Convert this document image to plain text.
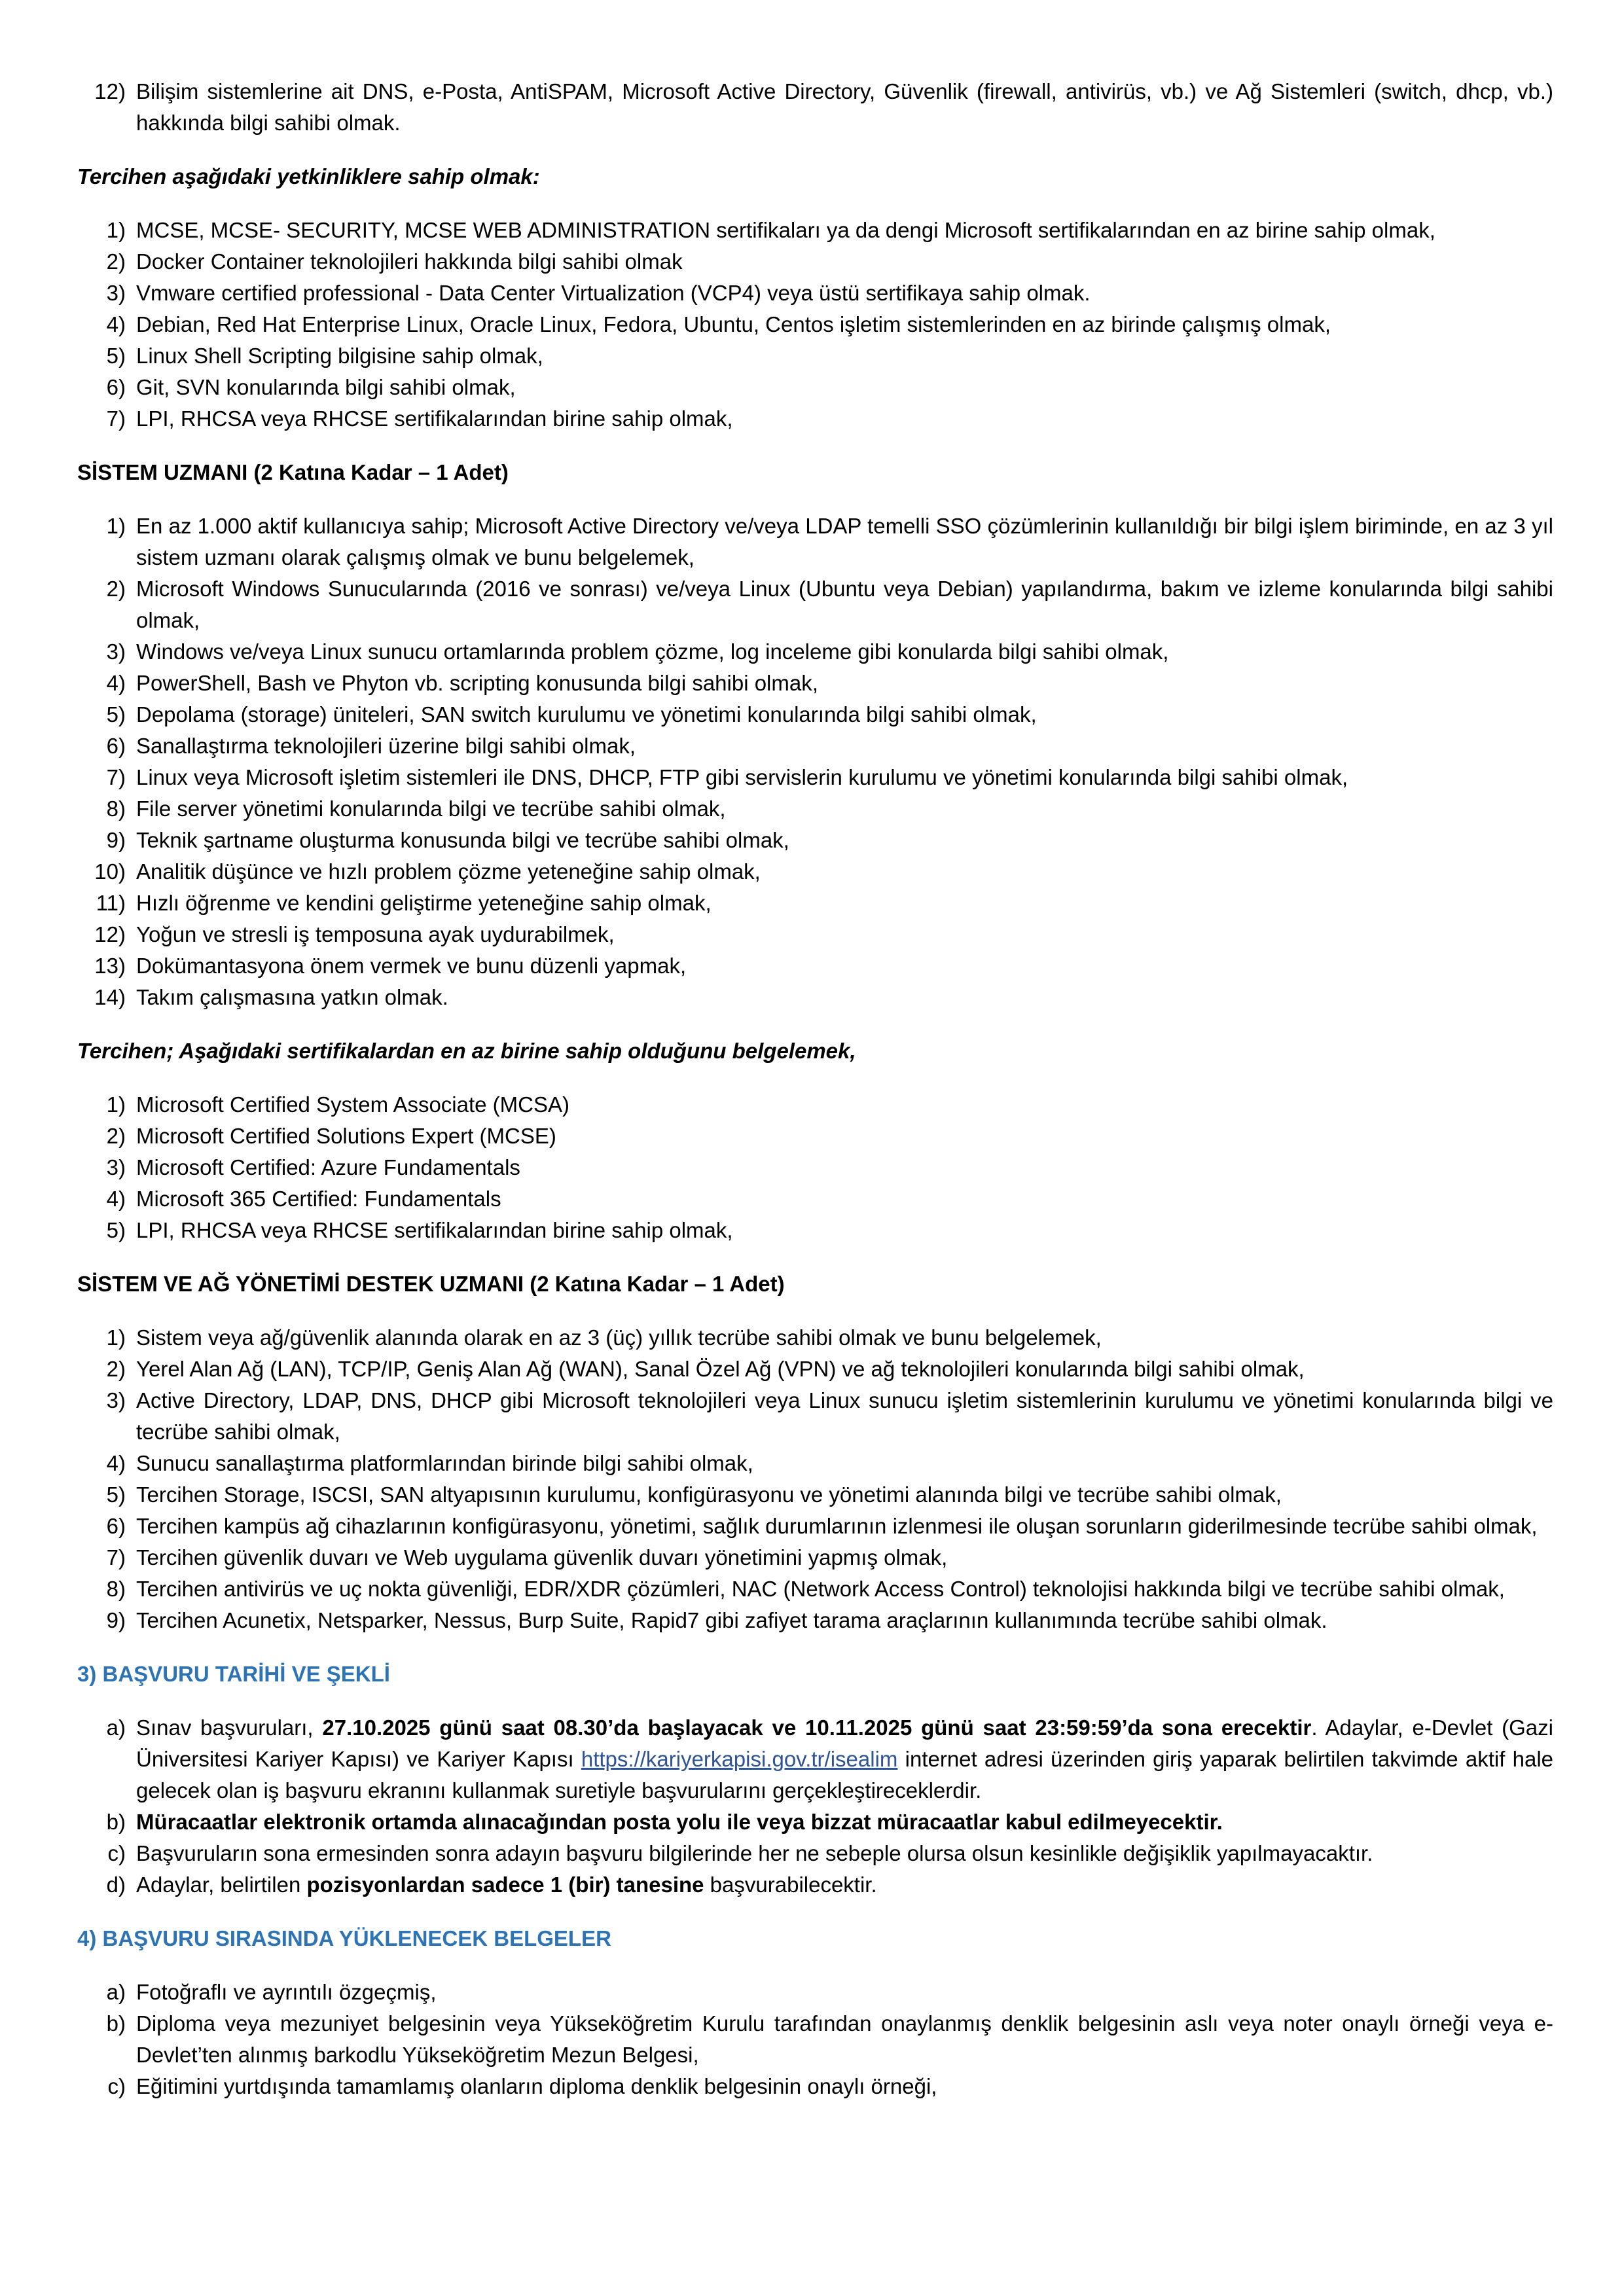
12) Bilişim sistemlerine ait DNS, e-Posta, AntiSPAM, Microsoft Active Directory, Güvenlik (firewall, antivirüs, vb.) ve Ağ Sistemleri (switch, dhcp, vb.) hakkında bilgi sahibi olmak.
Tercihen aşağıdaki yetkinliklere sahip olmak:
1) MCSE, MCSE- SECURITY, MCSE WEB ADMINISTRATION sertifikaları ya da dengi Microsoft sertifikalarından en az birine sahip olmak,
2) Docker Container teknolojileri hakkında bilgi sahibi olmak
3) Vmware certified professional - Data Center Virtualization (VCP4) veya üstü sertifikaya sahip olmak.
4) Debian, Red Hat Enterprise Linux, Oracle Linux, Fedora, Ubuntu, Centos işletim sistemlerinden en az birinde çalışmış olmak,
5) Linux Shell Scripting bilgisine sahip olmak,
6) Git, SVN konularında bilgi sahibi olmak,
7) LPI, RHCSA veya RHCSE sertifikalarından birine sahip olmak,
SİSTEM UZMANI (2 Katına Kadar – 1 Adet)
1) En az 1.000 aktif kullanıcıya sahip; Microsoft Active Directory ve/veya LDAP temelli SSO çözümlerinin kullanıldığı bir bilgi işlem biriminde, en az 3 yıl sistem uzmanı olarak çalışmış olmak ve bunu belgelemek,
2) Microsoft Windows Sunucularında (2016 ve sonrası) ve/veya Linux (Ubuntu veya Debian) yapılandırma, bakım ve izleme konularında bilgi sahibi olmak,
3) Windows ve/veya Linux sunucu ortamlarında problem çözme, log inceleme gibi konularda bilgi sahibi olmak,
4) PowerShell, Bash ve Phyton vb. scripting konusunda bilgi sahibi olmak,
5) Depolama (storage) üniteleri, SAN switch kurulumu ve yönetimi konularında bilgi sahibi olmak,
6) Sanallaştırma teknolojileri üzerine bilgi sahibi olmak,
7) Linux veya Microsoft işletim sistemleri ile DNS, DHCP, FTP gibi servislerin kurulumu ve yönetimi konularında bilgi sahibi olmak,
8) File server yönetimi konularında bilgi ve tecrübe sahibi olmak,
9) Teknik şartname oluşturma konusunda bilgi ve tecrübe sahibi olmak,
10) Analitik düşünce ve hızlı problem çözme yeteneğine sahip olmak,
11) Hızlı öğrenme ve kendini geliştirme yeteneğine sahip olmak,
12) Yoğun ve stresli iş temposuna ayak uydurabilmek,
13) Dokümantasyona önem vermek ve bunu düzenli yapmak,
14) Takım çalışmasına yatkın olmak.
Tercihen; Aşağıdaki sertifikalardan en az birine sahip olduğunu belgelemek,
1) Microsoft Certified System Associate (MCSA)
2) Microsoft Certified Solutions Expert (MCSE)
3) Microsoft Certified: Azure Fundamentals
4) Microsoft 365 Certified: Fundamentals
5) LPI, RHCSA veya RHCSE sertifikalarından birine sahip olmak,
SİSTEM VE AĞ YÖNETİMİ DESTEK UZMANI (2 Katına Kadar – 1 Adet)
1) Sistem veya ağ/güvenlik alanında olarak en az 3 (üç) yıllık tecrübe sahibi olmak ve bunu belgelemek,
2) Yerel Alan Ağ (LAN), TCP/IP, Geniş Alan Ağ (WAN), Sanal Özel Ağ (VPN) ve ağ teknolojileri konularında bilgi sahibi olmak,
3) Active Directory, LDAP, DNS, DHCP gibi Microsoft teknolojileri veya Linux sunucu işletim sistemlerinin kurulumu ve yönetimi konularında bilgi ve tecrübe sahibi olmak,
4) Sunucu sanallaştırma platformlarından birinde bilgi sahibi olmak,
5) Tercihen Storage, ISCSI, SAN altyapısının kurulumu, konfigürasyonu ve yönetimi alanında bilgi ve tecrübe sahibi olmak,
6) Tercihen kampüs ağ cihazlarının konfigürasyonu, yönetimi, sağlık durumlarının izlenmesi ile oluşan sorunların giderilmesinde tecrübe sahibi olmak,
7) Tercihen güvenlik duvarı ve Web uygulama güvenlik duvarı yönetimini yapmış olmak,
8) Tercihen antivirüs ve uç nokta güvenliği, EDR/XDR çözümleri, NAC (Network Access Control) teknolojisi hakkında bilgi ve tecrübe sahibi olmak,
9) Tercihen Acunetix, Netsparker, Nessus, Burp Suite, Rapid7 gibi zafiyet tarama araçlarının kullanımında tecrübe sahibi olmak.
3) BAŞVURU TARİHİ VE ŞEKLİ
a) Sınav başvuruları, 27.10.2025 günü saat 08.30’da başlayacak ve 10.11.2025 günü saat 23:59:59’da sona erecektir. Adaylar, e-Devlet (Gazi Üniversitesi Kariyer Kapısı) ve Kariyer Kapısı https://kariyerkapisi.gov.tr/isealim internet adresi üzerinden giriş yaparak belirtilen takvimde aktif hale gelecek olan iş başvuru ekranını kullanmak suretiyle başvurularını gerçekleştireceklerdir.
b) Müracaatlar elektronik ortamda alınacağından posta yolu ile veya bizzat müracaatlar kabul edilmeyecektir.
c) Başvuruların sona ermesinden sonra adayın başvuru bilgilerinde her ne sebeple olursa olsun kesinlikle değişiklik yapılmayacaktır.
d) Adaylar, belirtilen pozisyonlardan sadece 1 (bir) tanesine başvurabilecektir.
4) BAŞVURU SIRASINDA YÜKLENECEK BELGELER
a) Fotoğraflı ve ayrıntılı özgeçmiş,
b) Diploma veya mezuniyet belgesinin veya Yükseköğretim Kurulu tarafından onaylanmış denklik belgesinin aslı veya noter onaylı örneği veya e-Devlet’ten alınmış barkodlu Yükseköğretim Mezun Belgesi,
c) Eğitimini yurtdışında tamamlamış olanların diploma denklik belgesinin onaylı örneği,
